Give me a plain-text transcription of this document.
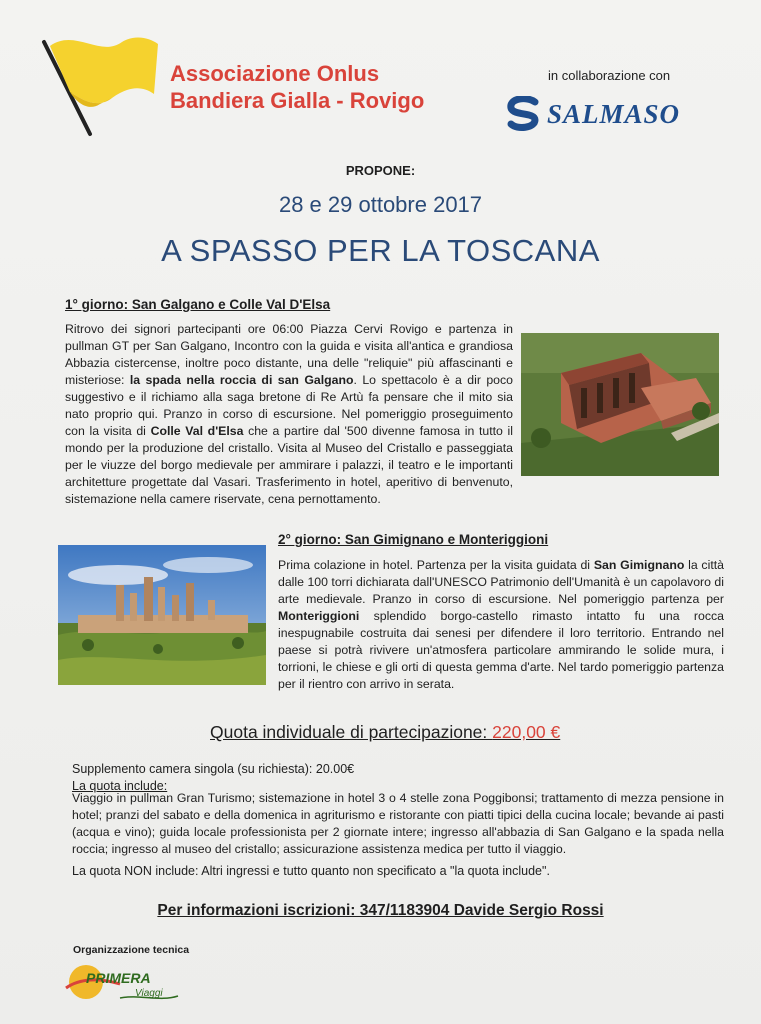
Associazione Onlus
Bandiera Gialla - Rovigo
in collaborazione con
SALMASO
PROPONE:
28 e 29 ottobre 2017
A SPASSO PER LA TOSCANA
1° giorno: San Galgano e Colle Val D'Elsa
Ritrovo dei signori partecipanti ore 06:00 Piazza Cervi Rovigo e partenza in pullman GT per San Galgano, Incontro con la guida e visita all'antica e grandiosa Abbazia cistercense, inoltre poco distante, una delle "reliquie" più affascinanti e misteriose: la spada nella roccia di san Galgano. Lo spettacolo è a dir poco suggestivo e il richiamo alla saga bretone di Re Artù fa pensare che il mito sia nato proprio qui. Pranzo in corso di escursione. Nel pomeriggio proseguimento con la visita di Colle Val d'Elsa che a partire dal '500 divenne famosa in tutto il mondo per la produzione del cristallo. Visita al Museo del Cristallo e passeggiata per le viuzze del borgo medievale per ammirare i palazzi, il teatro e le importanti architetture progettate dal Vasari. Trasferimento in hotel, aperitivo di benvenuto, sistemazione nella camere riservate, cena pernottamento.
2° giorno: San Gimignano e Monteriggioni
Prima colazione in hotel. Partenza per la visita guidata di San Gimignano la città dalle 100 torri dichiarata dall'UNESCO Patrimonio dell'Umanità è un capolavoro di arte medievale. Pranzo in corso di escursione. Nel pomeriggio partenza per Monteriggioni splendido borgo-castello rimasto intatto fu una rocca inespugnabile costruita dai senesi per difendere il loro territorio. Entrando nel paese si potrà rivivere un'atmosfera particolare ammirando le solide mura, i torrioni, le chiese e gli orti di questa gemma d'arte. Nel tardo pomeriggio partenza per il rientro con arrivo in serata.
Quota individuale di partecipazione: 220,00 €
Supplemento camera singola (su richiesta): 20.00€
La quota include:
Viaggio in pullman Gran Turismo; sistemazione in hotel 3 o 4 stelle zona Poggibonsi; trattamento di mezza pensione in hotel; pranzi del sabato e della domenica in agriturismo e ristorante con piatti tipici della cucina locale; bevande ai pasti (acqua e vino); guida locale professionista per 2 giornate intere; ingresso all'abbazia di San Galgano e la spada nella roccia; ingresso al museo del cristallo; assicurazione assistenza medica per tutto il viaggio.
La quota NON include: Altri ingressi e tutto quanto non specificato a "la quota include".
Per informazioni iscrizioni: 347/1183904 Davide Sergio Rossi
Organizzazione tecnica
PRIMERA
Viaggi
